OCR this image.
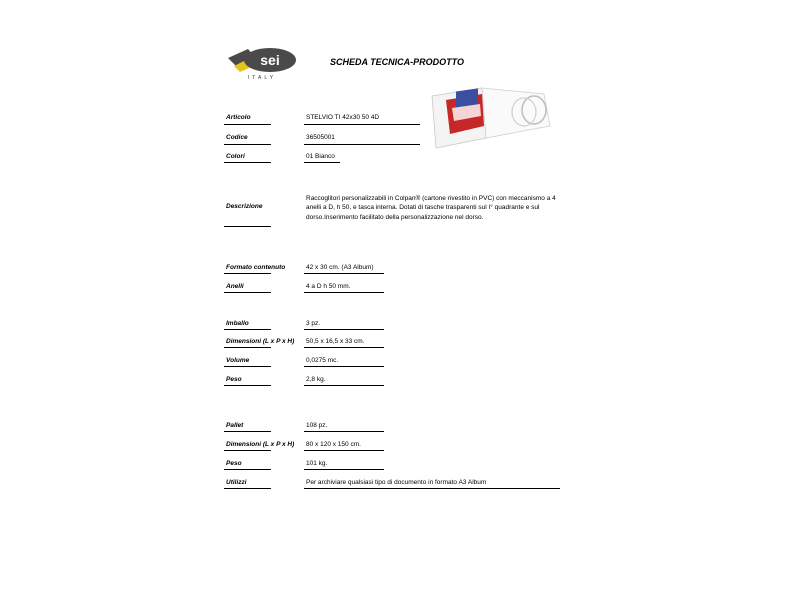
sei
ITALY
SCHEDA TECNICA-PRODOTTO
Articolo	STELVIO TI 42x30 50 4D
Codice	36505001
Colori	01 Bianco
Descrizione
Raccoglitori personalizzabili in Colpan® (cartone rivestito in PVC) con meccanismo a 4 anelli a D, h 50, e tasca interna. Dotati di tasche trasparenti sul I° quadrante e sul dorso.Inserimento facilitato della personalizzazione nel dorso.
Formato contenuto	42 x 30 cm. (A3 Album)
Anelli	4 a D h 50 mm.
Imballo	3 pz.
Dimensioni (L x P x H) 50,5 x 16,5 x 33 cm.
Volume	0,0275 mc.
Peso	2,8 kg.
Pallet	108 pz.
Dimensioni (L x P x H) 80 x 120 x 150 cm.
Peso	101 kg.
Utilizzi	Per archiviare qualsiasi tipo di documento in formato A3 Album
